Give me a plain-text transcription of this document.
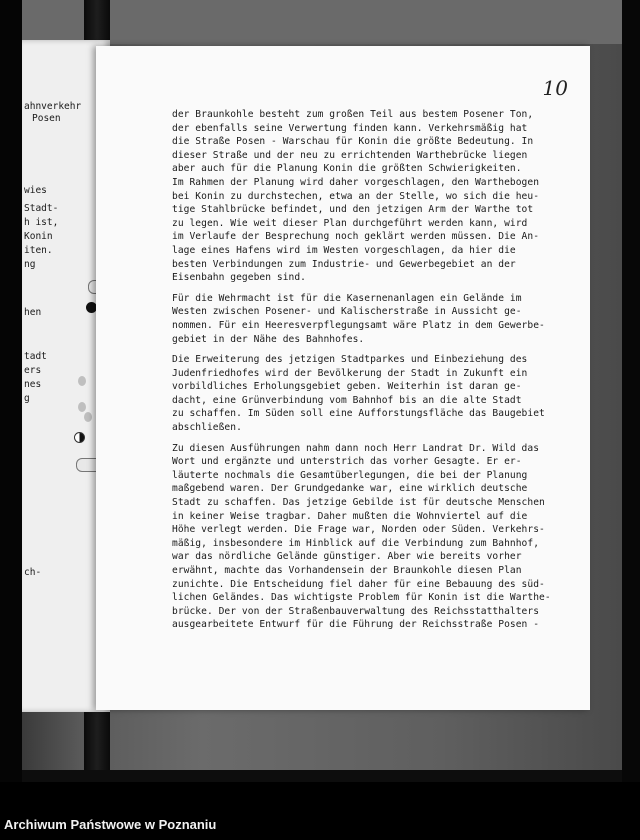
ahnverkehr
Posen
wies
Stadt-
h ist,
Konin
iten.
ng
hen
tadt
ers
nes
g
ch-
10
der Braunkohle besteht zum großen Teil aus bestem Posener Ton,
der ebenfalls seine Verwertung finden kann. Verkehrsmäßig hat
die Straße Posen - Warschau für Konin die größte Bedeutung. In
dieser Straße und der neu zu errichtenden Warthebrücke liegen
aber auch für die Planung Konin die größten Schwierigkeiten.
Im Rahmen der Planung wird daher vorgeschlagen, den Warthebogen
bei Konin zu durchstechen, etwa an der Stelle, wo sich die heu-
tige Stahlbrücke befindet, und den jetzigen Arm der Warthe tot
zu legen. Wie weit dieser Plan durchgeführt werden kann, wird
im Verlaufe der Besprechung noch geklärt werden müssen. Die An-
lage eines Hafens wird im Westen vorgeschlagen, da hier die
besten Verbindungen zum Industrie- und Gewerbegebiet an der
Eisenbahn gegeben sind.
Für die Wehrmacht ist für die Kasernenanlagen ein Gelände im
Westen zwischen Posener- und Kalischerstraße in Aussicht ge-
nommen. Für ein Heeresverpflegungsamt wäre Platz in dem Gewerbe-
gebiet in der Nähe des Bahnhofes.
Die Erweiterung des jetzigen Stadtparkes und Einbeziehung des
Judenfriedhofes wird der Bevölkerung der Stadt in Zukunft ein
vorbildliches Erholungsgebiet geben. Weiterhin ist daran ge-
dacht, eine Grünverbindung vom Bahnhof bis an die alte Stadt
zu schaffen. Im Süden soll eine Aufforstungsfläche das Baugebiet
abschließen.
Zu diesen Ausführungen nahm dann noch Herr Landrat Dr. Wild das
Wort und ergänzte und unterstrich das vorher Gesagte. Er er-
läuterte nochmals die Gesamtüberlegungen, die bei der Planung
maßgebend waren. Der Grundgedanke war, eine wirklich deutsche
Stadt zu schaffen. Das jetzige Gebilde ist für deutsche Menschen
in keiner Weise tragbar. Daher mußten die Wohnviertel auf die
Höhe verlegt werden. Die Frage war, Norden oder Süden. Verkehrs-
mäßig, insbesondere im Hinblick auf die Verbindung zum Bahnhof,
war das nördliche Gelände günstiger. Aber wie bereits vorher
erwähnt, machte das Vorhandensein der Braunkohle diesen Plan
zunichte. Die Entscheidung fiel daher für eine Bebauung des süd-
lichen Geländes. Das wichtigste Problem für Konin ist die Warthe-
brücke. Der von der Straßenbauverwaltung des Reichsstatthalters
ausgearbeitete Entwurf für die Führung der Reichsstraße Posen -
Archiwum Państwowe w Poznaniu
